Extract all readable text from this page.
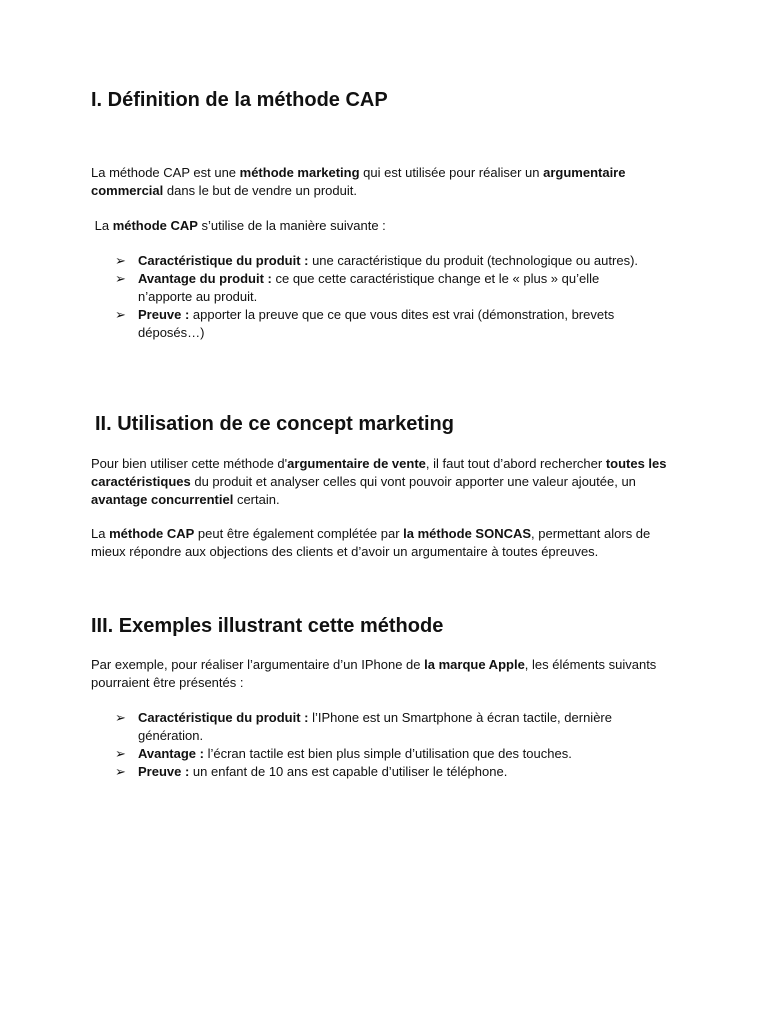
I. Définition de la méthode CAP

La méthode CAP est une méthode marketing qui est utilisée pour réaliser un argumentaire commercial dans le but de vendre un produit.

La méthode CAP s’utilise de la manière suivante :

➢ Caractéristique du produit : une caractéristique du produit (technologique ou autres).
➢ Avantage du produit : ce que cette caractéristique change et le « plus » qu’elle n’apporte au produit.
➢ Preuve : apporter la preuve que ce que vous dites est vrai (démonstration, brevets déposés…)
II. Utilisation de ce concept marketing

Pour bien utiliser cette méthode d'argumentaire de vente, il faut tout d’abord rechercher toutes les caractéristiques du produit et analyser celles qui vont pouvoir apporter une valeur ajoutée, un avantage concurrentiel certain.

La méthode CAP peut être également complétée par la méthode SONCAS, permettant alors de mieux répondre aux objections des clients et d’avoir un argumentaire à toutes épreuves.

III. Exemples illustrant cette méthode

Par exemple, pour réaliser l’argumentaire d’un IPhone de la marque Apple, les éléments suivants pourraient être présentés :

➢ Caractéristique du produit : l’IPhone est un Smartphone à écran tactile, dernière génération.
➢ Avantage : l’écran tactile est bien plus simple d’utilisation que des touches.
➢ Preuve : un enfant de 10 ans est capable d’utiliser le téléphone.
